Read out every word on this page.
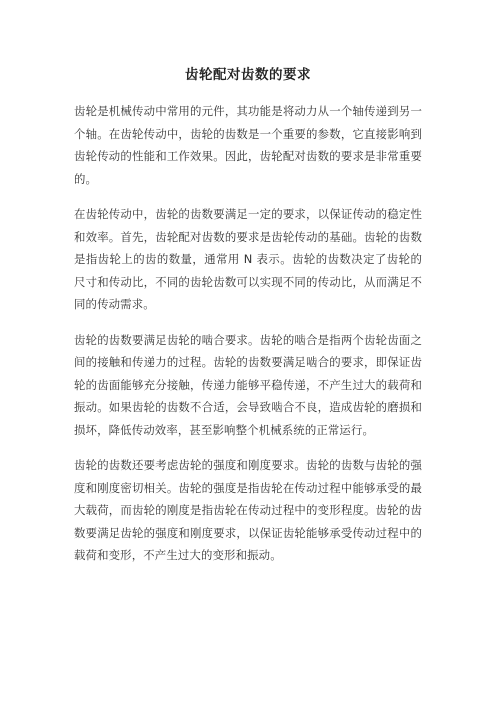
齿轮配对齿数的要求

齿轮是机械传动中常用的元件，其功能是将动力从一个轴传递到另一个轴。在齿轮传动中，齿轮的齿数是一个重要的参数，它直接影响到齿轮传动的性能和工作效果。因此，齿轮配对齿数的要求是非常重要的。

在齿轮传动中，齿轮的齿数要满足一定的要求，以保证传动的稳定性和效率。首先，齿轮配对齿数的要求是齿轮传动的基础。齿轮的齿数是指齿轮上的齿的数量，通常用 N 表示。齿轮的齿数决定了齿轮的尺寸和传动比，不同的齿轮齿数可以实现不同的传动比，从而满足不同的传动需求。

齿轮的齿数要满足齿轮的啮合要求。齿轮的啮合是指两个齿轮齿面之间的接触和传递力的过程。齿轮的齿数要满足啮合的要求，即保证齿轮的齿面能够充分接触，传递力能够平稳传递，不产生过大的载荷和振动。如果齿轮的齿数不合适，会导致啮合不良，造成齿轮的磨损和损坏，降低传动效率，甚至影响整个机械系统的正常运行。

齿轮的齿数还要考虑齿轮的强度和刚度要求。齿轮的齿数与齿轮的强度和刚度密切相关。齿轮的强度是指齿轮在传动过程中能够承受的最大载荷，而齿轮的刚度是指齿轮在传动过程中的变形程度。齿轮的齿数要满足齿轮的强度和刚度要求，以保证齿轮能够承受传动过程中的载荷和变形，不产生过大的变形和振动。
